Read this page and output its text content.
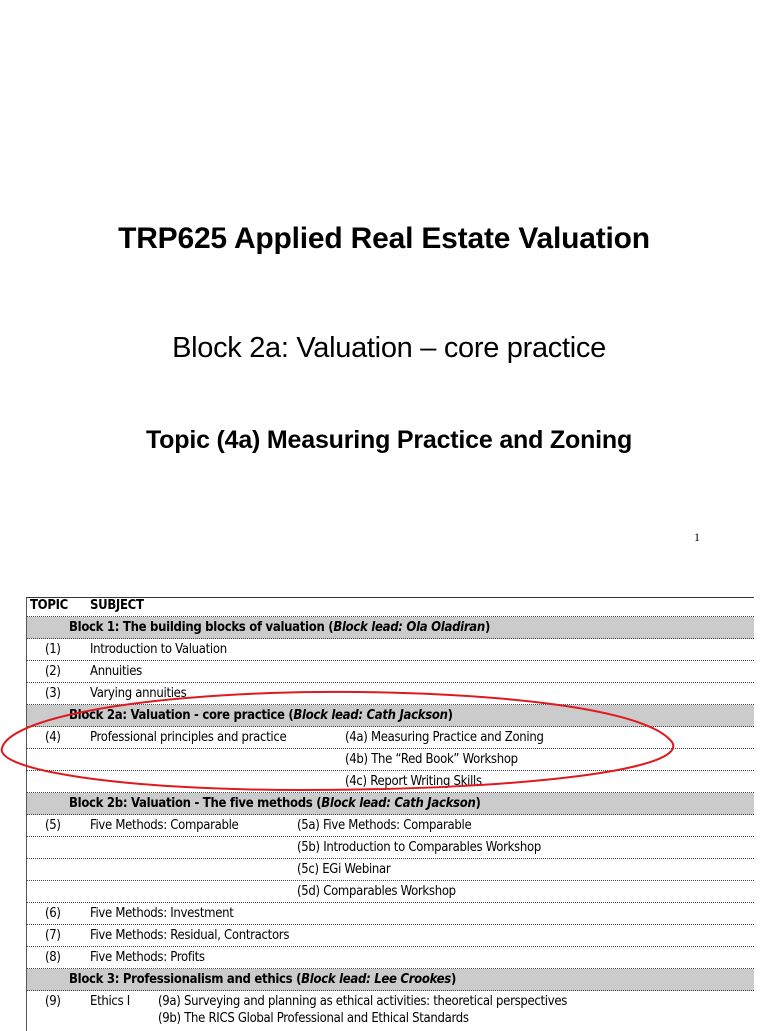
TRP625 Applied Real Estate Valuation
Block 2a: Valuation – core practice
Topic (4a) Measuring Practice and Zoning
1
TOPIC SUBJECT
Block 1: The building blocks of valuation (Block lead: Ola Oladiran)
(1) Introduction to Valuation
(2) Annuities
(3) Varying annuities
Block 2a: Valuation - core practice (Block lead: Cath Jackson)
(4) Professional principles and practice	(4a) Measuring Practice and Zoning
(4b) The “Red Book” Workshop
(4c) Report Writing Skills
Block 2b: Valuation - The five methods (Block lead: Cath Jackson)
(5) Five Methods: Comparable	(5a) Five Methods: Comparable
(5b) Introduction to Comparables Workshop
(5c) EGi Webinar
(5d) Comparables Workshop
(6) Five Methods: Investment
(7) Five Methods: Residual, Contractors
(8) Five Methods: Profits
Block 3: Professionalism and ethics (Block lead: Lee Crookes)
(9) Ethics I (9a) Surveying and planning as ethical activities: theoretical perspectives
(9b) The RICS Global Professional and Ethical Standards
